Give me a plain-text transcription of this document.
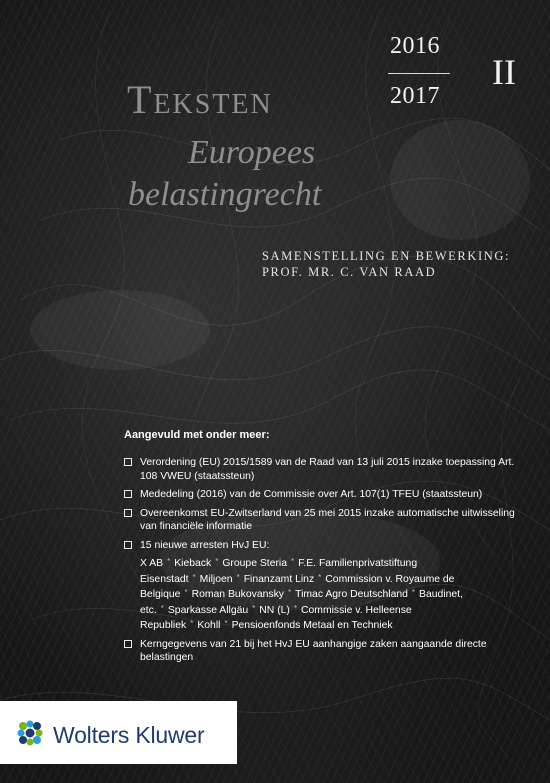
2016
2017
II
Teksten
Europees
belastingrecht
SAMENSTELLING EN BEWERKING:
PROF. MR. C. VAN RAAD
Aangevuld met onder meer:
Verordening (EU) 2015/1589 van de Raad van 13 juli 2015 inzake toepassing Art. 108 VWEU (staatssteun)
Mededeling (2016) van de Commissie over Art. 107(1) TFEU (staatssteun)
Overeenkomst EU-Zwitserland van 25 mei 2015 inzake automatische uitwisseling van financiële informatie
15 nieuwe arresten HvJ EU:
X AB * Kieback * Groupe Steria * F.E. Familienprivatstiftung Eisenstadt * Miljoen * Finanzamt Linz * Commission v. Royaume de Belgique * Roman Bukovansky * Timac Agro Deutschland * Baudinet, etc. * Sparkasse Allgäu * NN (L) * Commissie v. Helleense Republiek * Kohll * Pensioenfonds Metaal en Techniek
Kerngegevens van 21 bij het HvJ EU aanhangige zaken aangaande directe belastingen
Wolters Kluwer
